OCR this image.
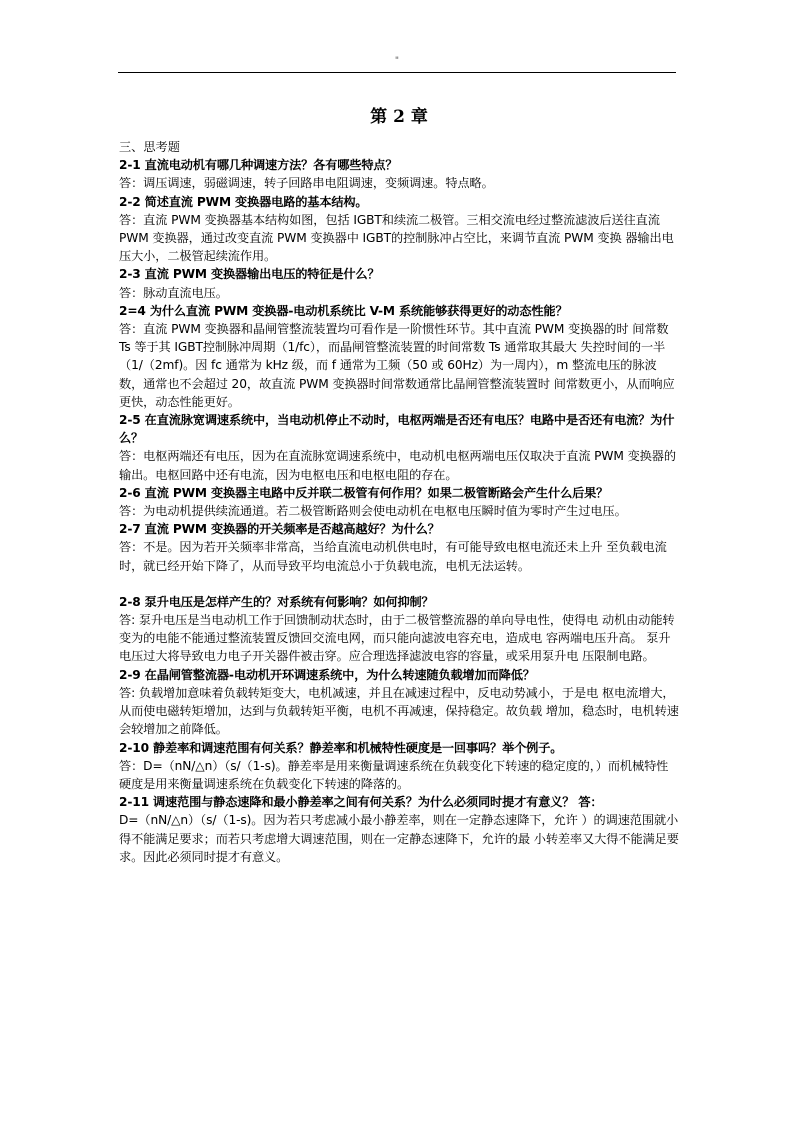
"
第 2 章
三、思考题
2-1 直流电动机有哪几种调速方法？各有哪些特点？
答：调压调速，弱磁调速，转子回路串电阻调速，变频调速。特点略。
2-2 简述直流 PWM 变换器电路的基本结构。
答：直流 PWM 变换器基本结构如图，包括 IGBT和续流二极管。三相交流电经过整流滤波后送往直流 PWM 变换器，通过改变直流 PWM 变换器中 IGBT的控制脉冲占空比，来调节直流 PWM 变换 器输出电压大小，二极管起续流作用。
2-3 直流 PWM 变换器输出电压的特征是什么？
答：脉动直流电压。
2=4 为什么直流 PWM 变换器-电动机系统比 V-M 系统能够获得更好的动态性能？
答：直流 PWM 变换器和晶闸管整流装置均可看作是一阶惯性环节。其中直流 PWM 变换器的时 间常数 Ts 等于其 IGBT控制脉冲周期（1/fc），而晶闸管整流装置的时间常数 Ts 通常取其最大 失控时间的一半（1/（2mf)。因 fc 通常为 kHz 级，而 f 通常为工频（50 或 60Hz）为一周内），m 整流电压的脉波数，通常也不会超过 20，故直流 PWM 变换器时间常数通常比晶闸管整流装置时 间常数更小，从而响应更快，动态性能更好。
2-5 在直流脉宽调速系统中，当电动机停止不动时，电枢两端是否还有电压？电路中是否还有电流？为什么？
答：电枢两端还有电压，因为在直流脉宽调速系统中，电动机电枢两端电压仅取决于直流 PWM 变换器的输出。电枢回路中还有电流，因为电枢电压和电枢电阻的存在。
2-6 直流 PWM 变换器主电路中反并联二极管有何作用？如果二极管断路会产生什么后果？
答：为电动机提供续流通道。若二极管断路则会使电动机在电枢电压瞬时值为零时产生过电压。
2-7 直流 PWM 变换器的开关频率是否越高越好？为什么？
答：不是。因为若开关频率非常高，当给直流电动机供电时，有可能导致电枢电流还未上升 至负载电流时，就已经开始下降了，从而导致平均电流总小于负载电流，电机无法运转。
2-8 泵升电压是怎样产生的？对系统有何影响？如何抑制？
答: 泵升电压是当电动机工作于回馈制动状态时，由于二极管整流器的单向导电性，使得电 动机由动能转变为的电能不能通过整流装置反馈回交流电网，而只能向滤波电容充电，造成电 容两端电压升高。 泵升电压过大将导致电力电子开关器件被击穿。应合理选择滤波电容的容量，或采用泵升电 压限制电路。
2-9 在晶闸管整流器-电动机开环调速系统中，为什么转速随负载增加而降低？
答: 负载增加意味着负载转矩变大，电机减速，并且在减速过程中，反电动势减小，于是电 枢电流增大，从而使电磁转矩增加，达到与负载转矩平衡，电机不再减速，保持稳定。故负载 增加，稳态时，电机转速会较增加之前降低。
2-10 静差率和调速范围有何关系？静差率和机械特性硬度是一回事吗？举个例子。
答：D=（nN/△n）（s/（1-s)。静差率是用来衡量调速系统在负载变化下转速的稳定度的，）而机械特性硬度是用来衡量调速系统在负载变化下转速的降落的。
2-11 调速范围与静态速降和最小静差率之间有何关系？为什么必须同时提才有意义？ 答：
D=（nN/△n）（s/（1-s)。因为若只考虑减小最小静差率，则在一定静态速降下，允许 ）的调速范围就小得不能满足要求；而若只考虑增大调速范围，则在一定静态速降下，允许的最 小转差率又大得不能满足要求。因此必须同时提才有意义。
